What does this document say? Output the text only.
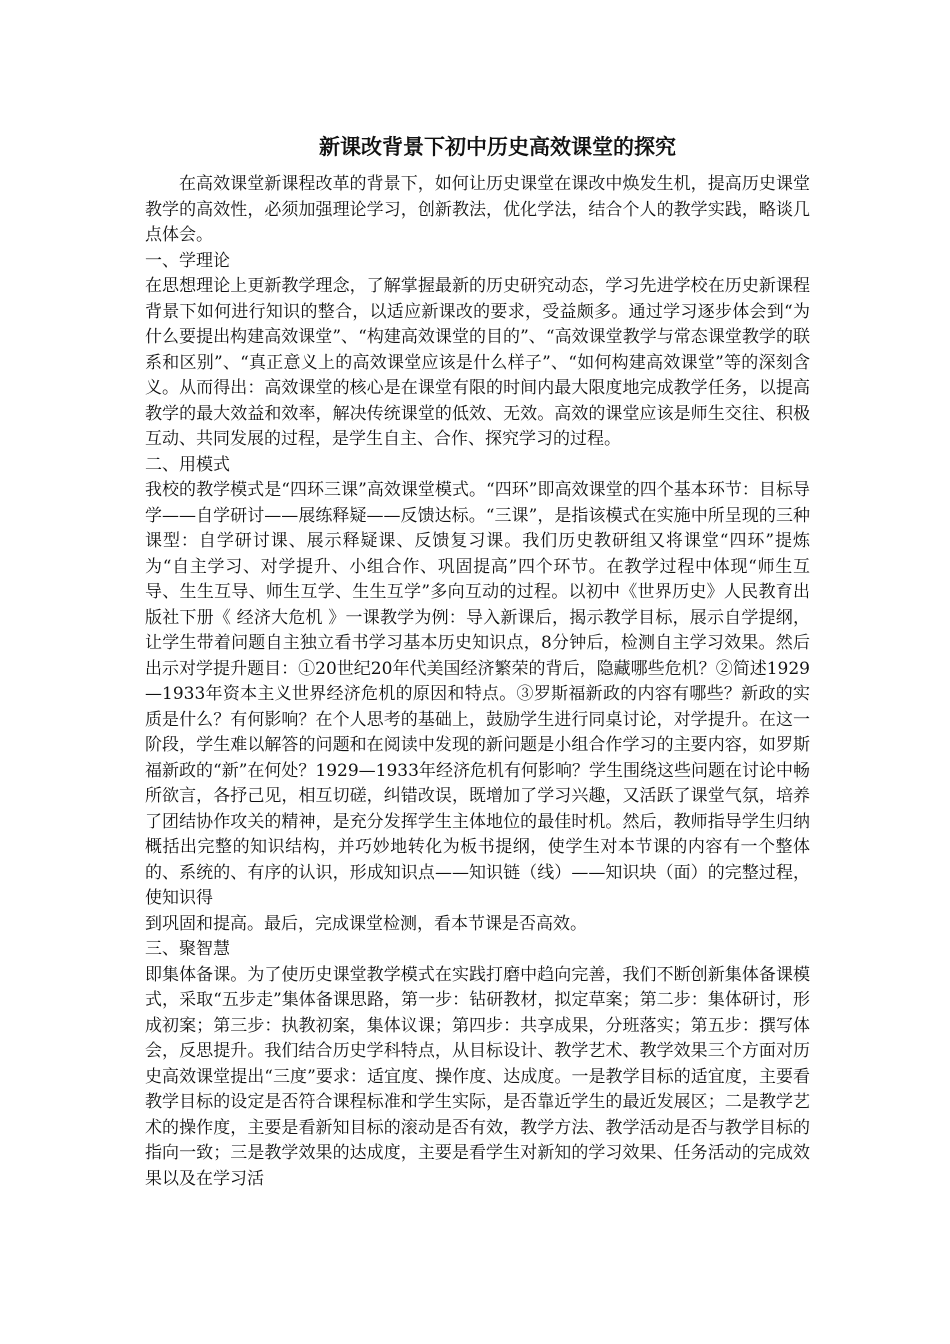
新课改背景下初中历史高效课堂的探究

在高效课堂新课程改革的背景下，如何让历史课堂在课改中焕发生机，提高历史课堂教学的高效性，必须加强理论学习，创新教法，优化学法，结合个人的教学实践，略谈几点体会。

一、学理论

在思想理论上更新教学理念，了解掌握最新的历史研究动态，学习先进学校在历史新课程背景下如何进行知识的整合，以适应新课改的要求，受益颇多。通过学习逐步体会到“为什么要提出构建高效课堂”、“构建高效课堂的目的”、“高效课堂教学与常态课堂教学的联系和区别”、“真正意义上的高效课堂应该是什么样子”、“如何构建高效课堂”等的深刻含义。从而得出：高效课堂的核心是在课堂有限的时间内最大限度地完成教学任务，以提高教学的最大效益和效率，解决传统课堂的低效、无效。高效的课堂应该是师生交往、积极互动、共同发展的过程，是学生自主、合作、探究学习的过程。

二、用模式

我校的教学模式是“四环三课”高效课堂模式。“四环”即高效课堂的四个基本环节：目标导学——自学研讨——展练释疑——反馈达标。“三课”，是指该模式在实施中所呈现的三种课型：自学研讨课、展示释疑课、反馈复习课。我们历史教研组又将课堂“四环”提炼为“自主学习、对学提升、小组合作、巩固提高”四个环节。在教学过程中体现“师生互导、生生互导、师生互学、生生互学”多向互动的过程。以初中《世界历史》人民教育出版社下册《 经济大危机 》一课教学为例：导入新课后，揭示教学目标，展示自学提纲，让学生带着问题自主独立看书学习基本历史知识点，8分钟后，检测自主学习效果。然后出示对学提升题目：①20世纪20年代美国经济繁荣的背后，隐藏哪些危机？②简述1929—1933年资本主义世界经济危机的原因和特点。③罗斯福新政的内容有哪些？新政的实质是什么？有何影响？在个人思考的基础上，鼓励学生进行同桌讨论，对学提升。在这一阶段，学生难以解答的问题和在阅读中发现的新问题是小组合作学习的主要内容，如罗斯福新政的“新”在何处？1929—1933年经济危机有何影响？学生围绕这些问题在讨论中畅所欲言，各抒己见，相互切磋，纠错改误，既增加了学习兴趣，又活跃了课堂气氛，培养了团结协作攻关的精神，是充分发挥学生主体地位的最佳时机。然后，教师指导学生归纳概括出完整的知识结构，并巧妙地转化为板书提纲，使学生对本节课的内容有一个整体的、系统的、有序的认识，形成知识点——知识链（线）——知识块（面）的完整过程，使知识得

到巩固和提高。最后，完成课堂检测，看本节课是否高效。

三、聚智慧

即集体备课。为了使历史课堂教学模式在实践打磨中趋向完善，我们不断创新集体备课模式，采取“五步走”集体备课思路，第一步：钻研教材，拟定草案；第二步：集体研讨，形成初案；第三步：执教初案，集体议课；第四步：共享成果，分班落实；第五步：撰写体会，反思提升。我们结合历史学科特点，从目标设计、教学艺术、教学效果三个方面对历史高效课堂提出“三度”要求：适宜度、操作度、达成度。一是教学目标的适宜度，主要看教学目标的设定是否符合课程标准和学生实际，是否靠近学生的最近发展区；二是教学艺术的操作度，主要是看新知目标的滚动是否有效，教学方法、教学活动是否与教学目标的指向一致；三是教学效果的达成度，主要是看学生对新知的学习效果、任务活动的完成效果以及在学习活
